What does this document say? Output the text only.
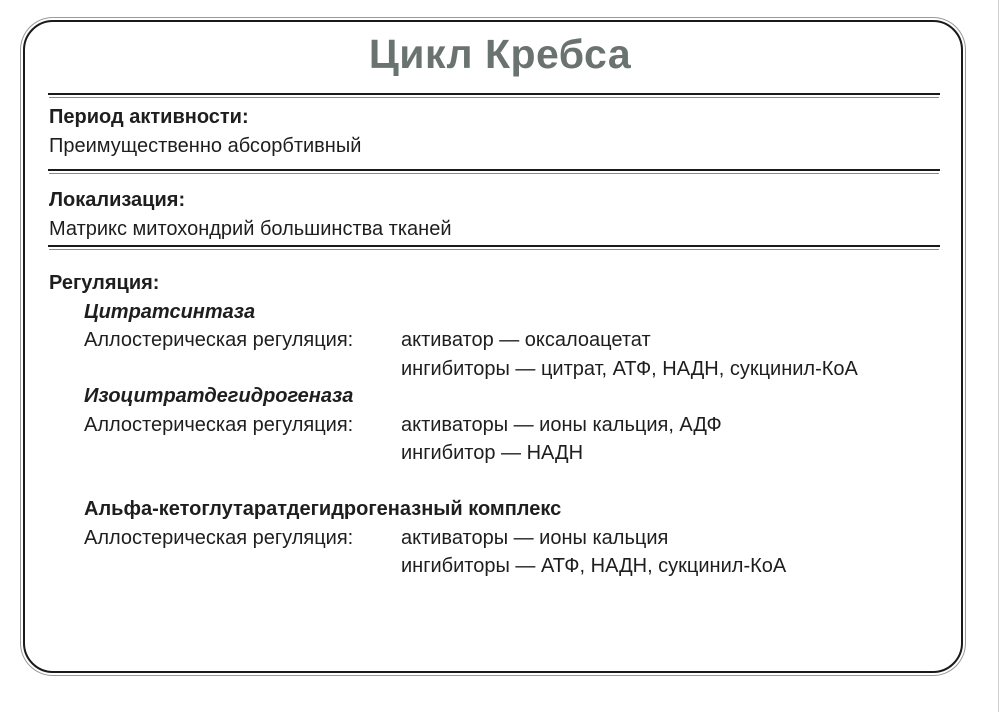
Цикл Кребса
Период активности:
Преимущественно абсорбтивный
Локализация:
Матрикс митохондрий большинства тканей
Регуляция:
Цитратсинтаза
Аллостерическая регуляция: активатор — оксалоацетат
ингибиторы — цитрат, АТФ, НАДН, сукцинил-КоА
Изоцитратдегидрогеназа
Аллостерическая регуляция: активаторы — ионы кальция, АДФ
ингибитор — НАДН
Альфа-кетоглутаратдегидрогеназный комплекс
Аллостерическая регуляция: активаторы — ионы кальция
ингибиторы — АТФ, НАДН, сукцинил-КоА
